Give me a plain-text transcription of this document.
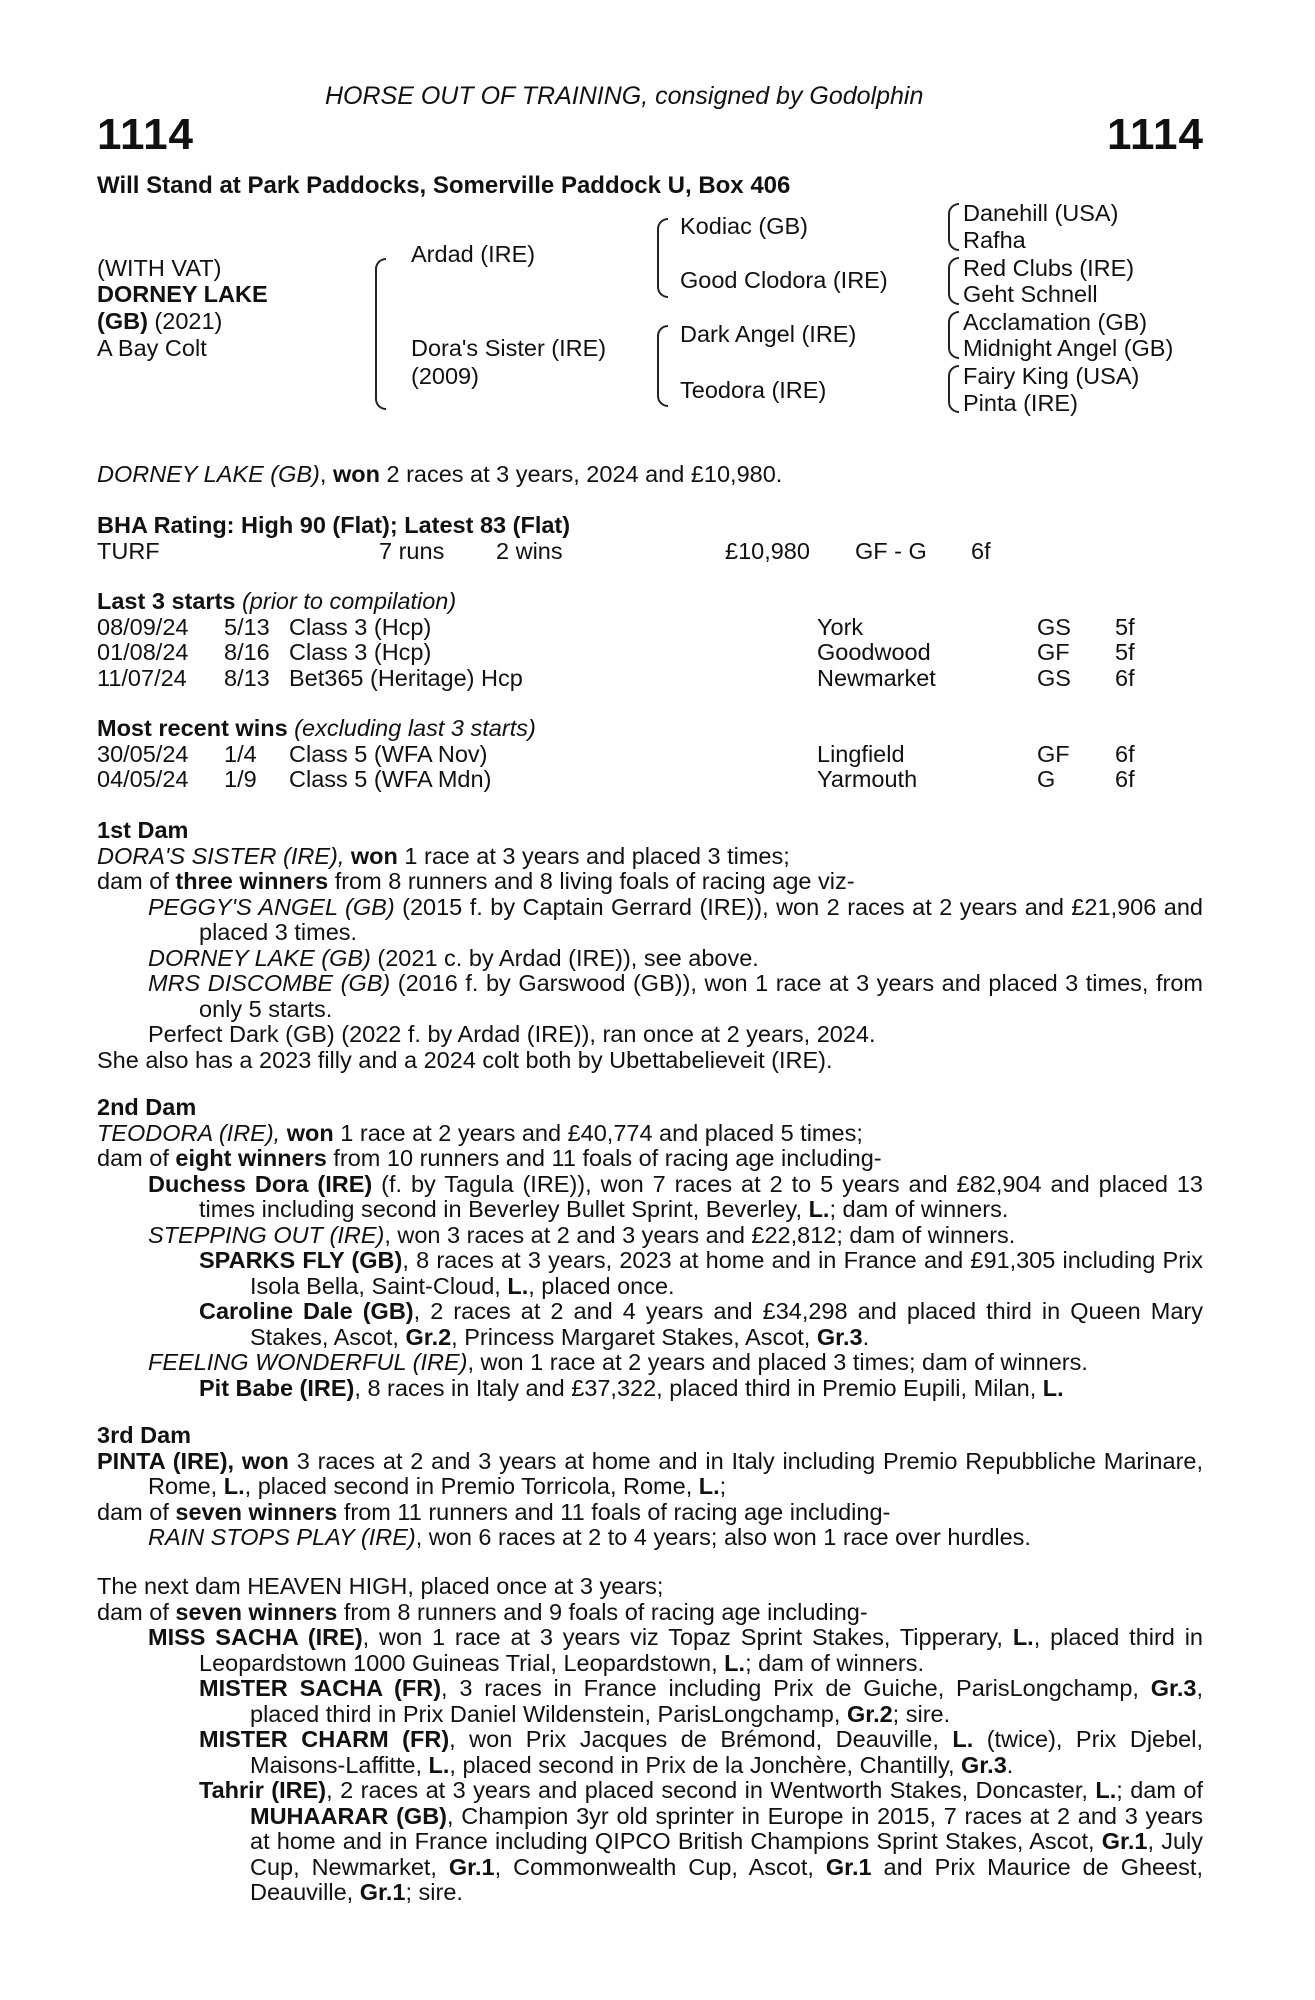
HORSE OUT OF TRAINING, consigned by Godolphin
1114	1114
Will Stand at Park Paddocks, Somerville Paddock U, Box 406
(WITH VAT)
DORNEY LAKE
(GB) (2021)
A Bay Colt
Ardad (IRE)
Dora's Sister (IRE)
(2009)
Kodiac (GB)
Good Clodora (IRE)
Dark Angel (IRE)
Teodora (IRE)
Danehill (USA)
Rafha
Red Clubs (IRE)
Geht Schnell
Acclamation (GB)
Midnight Angel (GB)
Fairy King (USA)
Pinta (IRE)
DORNEY LAKE (GB), won 2 races at 3 years, 2024 and £10,980.

BHA Rating: High 90 (Flat); Latest 83 (Flat)

TURF	7 runs 2 wins	£10,980 GF - G 6f

Last 3 starts (prior to compilation)

08/09/24 5/13 Class 3 (Hcp)	York	GS 5f
01/08/24 8/16 Class 3 (Hcp)	Goodwood	GF 5f
11/07/24 8/13 Bet365 (Heritage) Hcp	Newmarket	GS 6f

Most recent wins (excluding last 3 starts)

30/05/24 1/4 Class 5 (WFA Nov)	Lingfield	GF 6f
04/05/24 1/9 Class 5 (WFA Mdn)	Yarmouth	G	6f

1st Dam

DORA'S SISTER (IRE), won 1 race at 3 years and placed 3 times;

dam of three winners from 8 runners and 8 living foals of racing age viz-

PEGGY'S ANGEL (GB) (2015 f. by Captain Gerrard (IRE)), won 2 races at 2 years and £21,906 and placed 3 times.

DORNEY LAKE (GB) (2021 c. by Ardad (IRE)), see above.

MRS DISCOMBE (GB) (2016 f. by Garswood (GB)), won 1 race at 3 years and placed 3 times, from only 5 starts.

Perfect Dark (GB) (2022 f. by Ardad (IRE)), ran once at 2 years, 2024.

She also has a 2023 filly and a 2024 colt both by Ubettabelieveit (IRE).

2nd Dam

TEODORA (IRE), won 1 race at 2 years and £40,774 and placed 5 times;

dam of eight winners from 10 runners and 11 foals of racing age including-

Duchess Dora (IRE) (f. by Tagula (IRE)), won 7 races at 2 to 5 years and £82,904 and placed 13 times including second in Beverley Bullet Sprint, Beverley, L.; dam of winners.

STEPPING OUT (IRE), won 3 races at 2 and 3 years and £22,812; dam of winners.

SPARKS FLY (GB), 8 races at 3 years, 2023 at home and in France and £91,305 including Prix Isola Bella, Saint-Cloud, L., placed once.

Caroline Dale (GB), 2 races at 2 and 4 years and £34,298 and placed third in Queen Mary Stakes, Ascot, Gr.2, Princess Margaret Stakes, Ascot, Gr.3.

FEELING WONDERFUL (IRE), won 1 race at 2 years and placed 3 times; dam of winners.

Pit Babe (IRE), 8 races in Italy and £37,322, placed third in Premio Eupili, Milan, L.

3rd Dam

PINTA (IRE), won 3 races at 2 and 3 years at home and in Italy including Premio Repubbliche Marinare, Rome, L., placed second in Premio Torricola, Rome, L.;

dam of seven winners from 11 runners and 11 foals of racing age including-

RAIN STOPS PLAY (IRE), won 6 races at 2 to 4 years; also won 1 race over hurdles.

The next dam HEAVEN HIGH, placed once at 3 years;

dam of seven winners from 8 runners and 9 foals of racing age including-

MISS SACHA (IRE), won 1 race at 3 years viz Topaz Sprint Stakes, Tipperary, L., placed third in Leopardstown 1000 Guineas Trial, Leopardstown, L.; dam of winners.

MISTER SACHA (FR), 3 races in France including Prix de Guiche, ParisLongchamp, Gr.3, placed third in Prix Daniel Wildenstein, ParisLongchamp, Gr.2; sire.

MISTER CHARM (FR), won Prix Jacques de Brémond, Deauville, L. (twice), Prix Djebel, Maisons-Laffitte, L., placed second in Prix de la Jonchère, Chantilly, Gr.3.

Tahrir (IRE), 2 races at 3 years and placed second in Wentworth Stakes, Doncaster, L.; dam of MUHAARAR (GB), Champion 3yr old sprinter in Europe in 2015, 7 races at 2 and 3 years at home and in France including QIPCO British Champions Sprint Stakes, Ascot, Gr.1, July Cup, Newmarket, Gr.1, Commonwealth Cup, Ascot, Gr.1 and Prix Maurice de Gheest, Deauville, Gr.1; sire.
